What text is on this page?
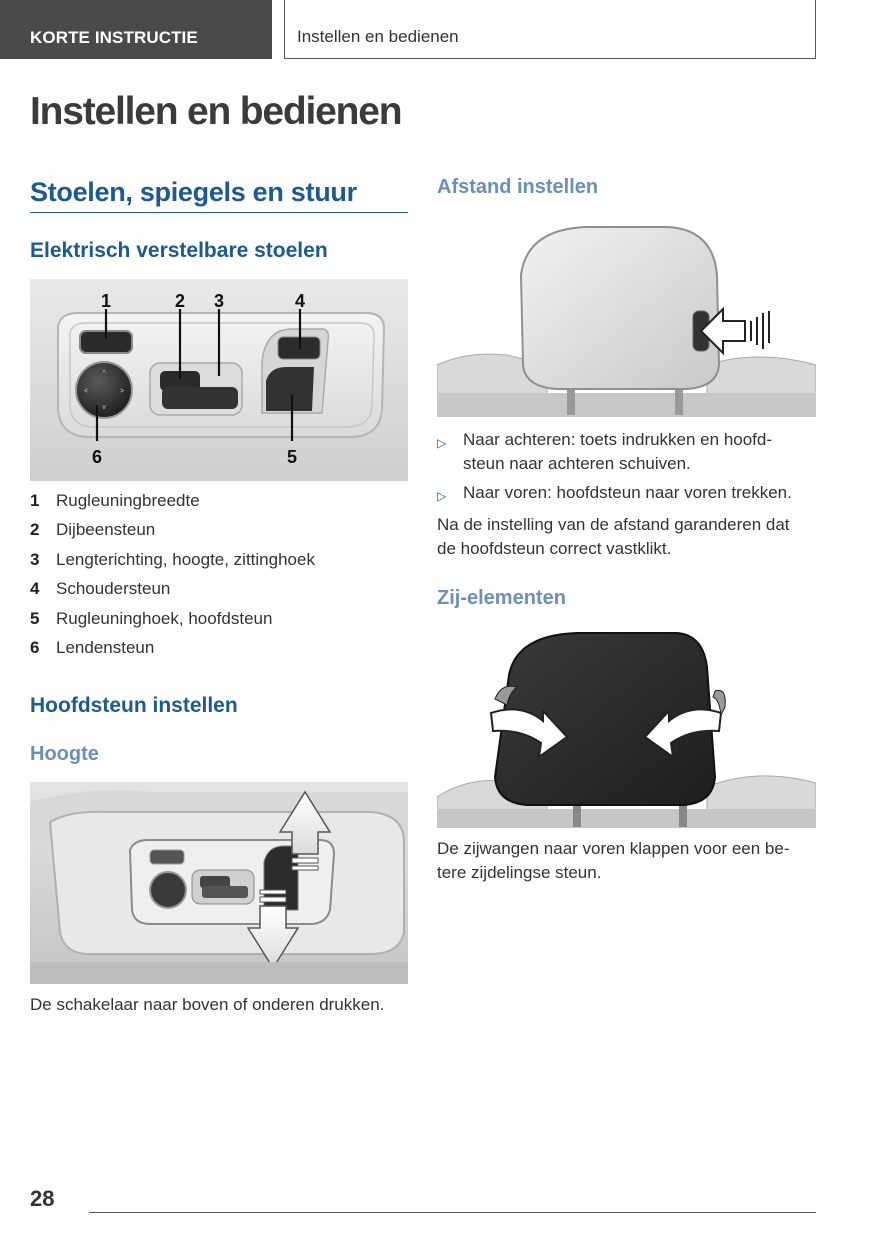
KORTE INSTRUCTIE	Instellen en bedienen
Instellen en bedienen
Stoelen, spiegels en stuur
Elektrisch verstelbare stoelen
^
v
<	>
1	2 3	4
5
6
1 Rugleuningbreedte
2 Dijbeensteun
3 Lengterichting, hoogte, zittinghoek
4 Schoudersteun
5 Rugleuninghoek, hoofdsteun
6 Lendensteun
Hoofdsteun instellen
Hoogte
De schakelaar naar boven of onderen drukken.
Afstand instellen
▷ Naar achteren: toets indrukken en hoofd-
steun naar achteren schuiven.
▷ Naar voren: hoofdsteun naar voren trekken.
Na de instelling van de afstand garanderen dat
de hoofdsteun correct vastklikt.
Zij-elementen
De zijwangen naar voren klappen voor een be-
tere zijdelingse steun.
28
